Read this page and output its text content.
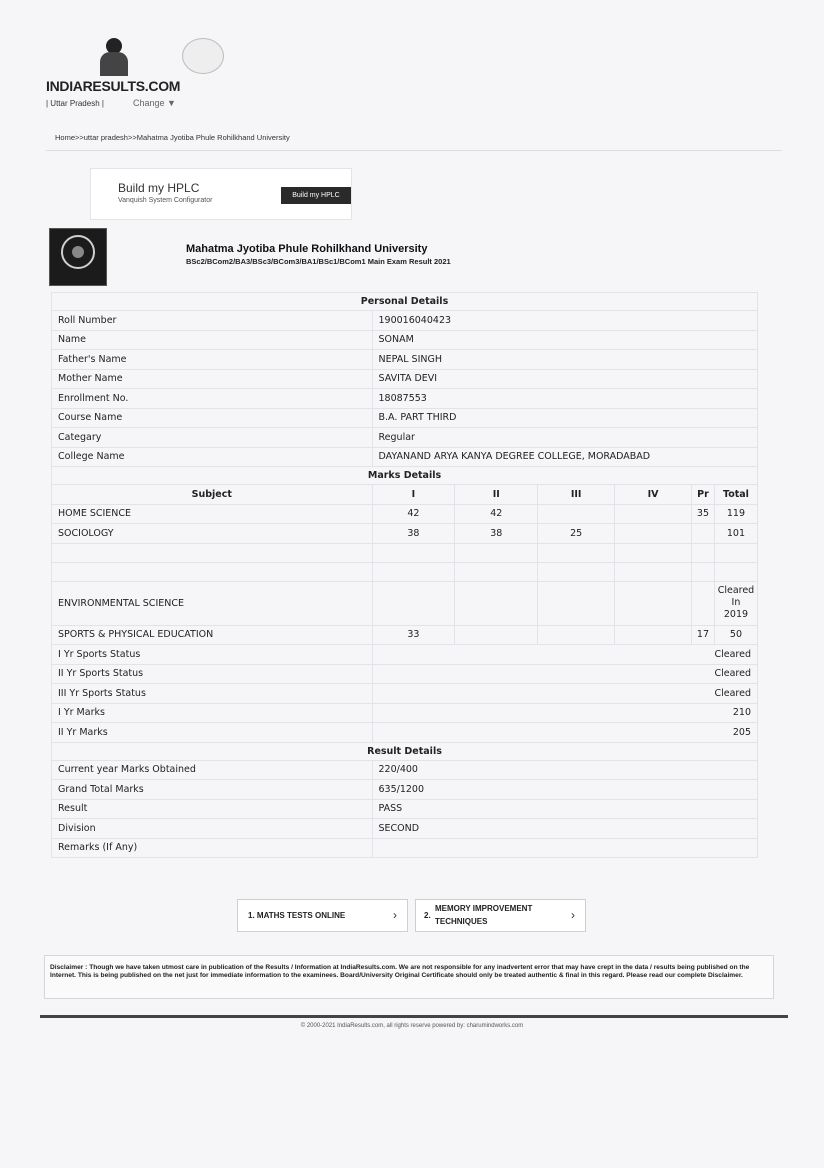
INDIARESULTS.COM
| Uttar Pradesh |	Change ▼
Home>>uttar pradesh>>Mahatma Jyotiba Phule Rohilkhand University
Build my HPLC
Vanquish System Configurator
Build my HPLC
Mahatma Jyotiba Phule Rohilkhand University
BSc2/BCom2/BA3/BSc3/BCom3/BA1/BSc1/BCom1 Main Exam Result 2021
Personal Details						
Roll Number	190016040423					
Name	SONAM					
Father's Name	NEPAL SINGH					
Mother Name	SAVITA DEVI					
Enrollment No.	18087553					
Course Name	B.A. PART THIRD					
Categary	Regular					
College Name	DAYANAND ARYA KANYA DEGREE COLLEGE, MORADABAD					
Marks Details						
Subject	I	II	III	IV	Pr	Total
HOME SCIENCE	42	42			35	119
SOCIOLOGY	38	38	25			101

ENVIRONMENTAL SCIENCE						Cleared
In
2019

SPORTS & PHYSICAL EDUCATION	33				17	50
I Yr Sports Status	Cleared					
II Yr Sports Status	Cleared					
III Yr Sports Status	Cleared					
I Yr Marks	210					
II Yr Marks	205					
Result Details						
Current year Marks Obtained	220/400					
Grand Total Marks	635/1200					
Result	PASS					
Division	SECOND					
Remarks (If Any)						
1. MATHS TESTS ONLINE	›	2.
MEMORY IMPROVEMENT
TECHNIQUES	›
Disclaimer : Though we have taken utmost care in publication of the Results / Information at IndiaResults.com. We are not responsible for any inadvertent error that may have crept in the data / results being published on the Internet. This is being published on the net just for immediate information to the examinees. Board/University Original Certificate should only be treated authentic & final in this regard. Please read our complete Disclaimer.
© 2000-2021 IndiaResults.com, all rights reserve powered by: charumindworks.com
